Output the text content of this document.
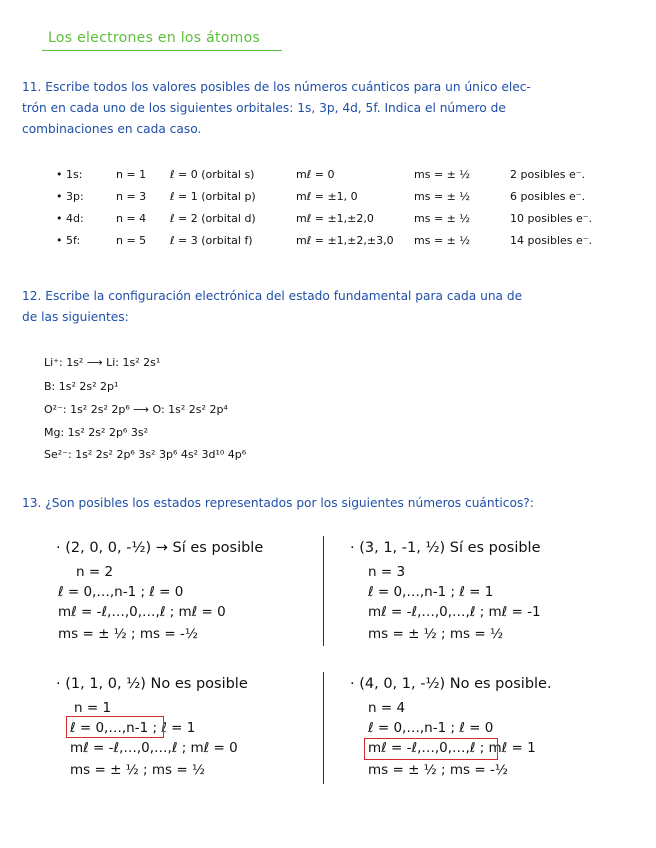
Los electrones en los átomos
11. Escribe todos los valores posibles de los números cuánticos para un único elec-
trón en cada uno de los siguientes orbitales: 1s, 3p, 4d, 5f. Indica el número de
combinaciones en cada caso.
• 1s:	n = 1 ℓ = 0 (orbital s)	mℓ = 0	ms = ± ½	2 posibles e⁻.
• 3p:	n = 3 ℓ = 1 (orbital p)	mℓ = ±1, 0	ms = ± ½	6 posibles e⁻.
• 4d:	n = 4 ℓ = 2 (orbital d)	mℓ = ±1,±2,0	ms = ± ½	10 posibles e⁻.
• 5f:	n = 5 ℓ = 3 (orbital f)	mℓ = ±1,±2,±3,0 ms = ± ½	14 posibles e⁻.
12. Escribe la configuración electrónica del estado fundamental para cada una de
de las siguientes:
Li⁺: 1s² ⟶ Li: 1s² 2s¹
B: 1s² 2s² 2p¹
O²⁻: 1s² 2s² 2p⁶ ⟶ O: 1s² 2s² 2p⁴
Mg: 1s² 2s² 2p⁶ 3s²
Se²⁻: 1s² 2s² 2p⁶ 3s² 3p⁶ 4s² 3d¹⁰ 4p⁶
13. ¿Son posibles los estados representados por los siguientes números cuánticos?:
· (2, 0, 0, -½) → Sí es posible
n = 2
ℓ = 0,…,n-1 ; ℓ = 0
mℓ = -ℓ,…,0,…,ℓ ; mℓ = 0
ms = ± ½ ; ms = -½
· (3, 1, -1, ½) Sí es posible
n = 3
ℓ = 0,…,n-1 ; ℓ = 1
mℓ = -ℓ,…,0,…,ℓ ; mℓ = -1
ms = ± ½ ; ms = ½
· (1, 1, 0, ½) No es posible
n = 1
ℓ = 0,…,n-1 ; ℓ = 1
mℓ = -ℓ,…,0,…,ℓ ; mℓ = 0
ms = ± ½ ; ms = ½
· (4, 0, 1, -½) No es posible.
n = 4
ℓ = 0,…,n-1 ; ℓ = 0
mℓ = -ℓ,…,0,…,ℓ ; mℓ = 1
ms = ± ½ ; ms = -½
